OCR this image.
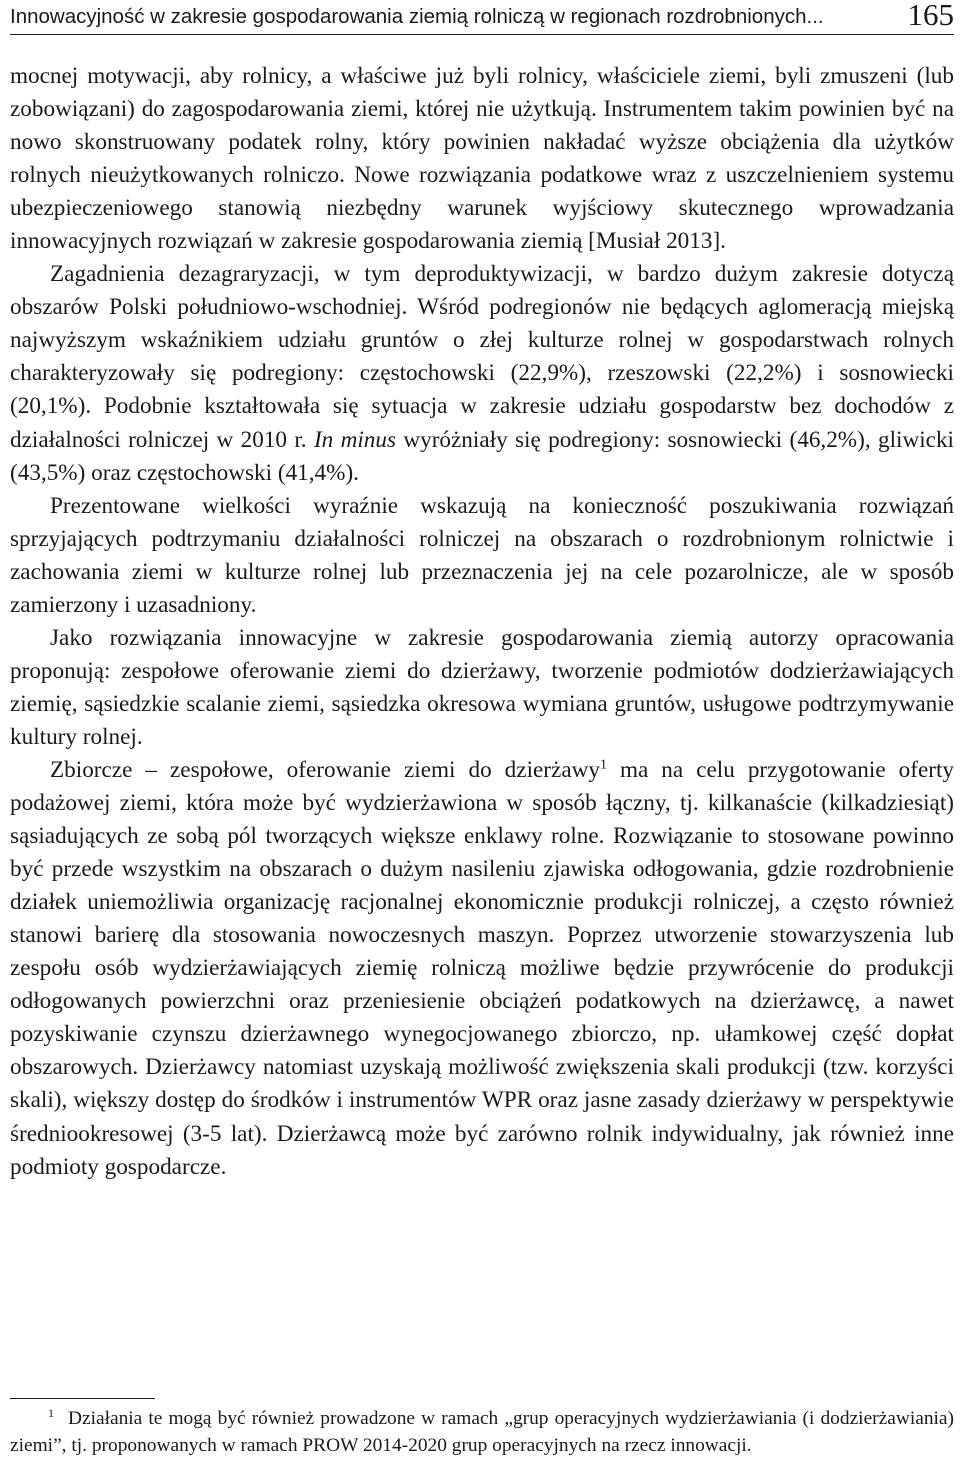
Innowacyjność w zakresie gospodarowania ziemią rolniczą w regionach rozdrobnionych...	165

mocnej motywacji, aby rolnicy, a właściwe już byli rolnicy, właściciele ziemi, byli zmuszeni (lub zobowiązani) do zagospodarowania ziemi, której nie użytkują. Instrumentem takim powinien być na nowo skonstruowany podatek rolny, który powinien nakładać wyższe obciążenia dla użytków rolnych nieużytkowanych rolniczo. Nowe rozwiązania podatkowe wraz z uszczelnieniem systemu ubezpieczeniowego stanowią niezbędny warunek wyjściowy skutecznego wprowadzania innowacyjnych rozwiązań w zakresie gospodarowania ziemią [Musiał 2013].

Zagadnienia dezagraryzacji, w tym deproduktywizacji, w bardzo dużym zakresie dotyczą obszarów Polski południowo-wschodniej. Wśród podregionów nie będących aglomeracją miejską najwyższym wskaźnikiem udziału gruntów o złej kulturze rolnej w gospodarstwach rolnych charakteryzowały się podregiony: częstochowski (22,9%), rzeszowski (22,2%) i sosnowiecki (20,1%). Podobnie kształtowała się sytuacja w zakresie udziału gospodarstw bez dochodów z działalności rolniczej w 2010 r. In minus wyróżniały się podregiony: sosnowiecki (46,2%), gliwicki (43,5%) oraz częstochowski (41,4%).

Prezentowane wielkości wyraźnie wskazują na konieczność poszukiwania rozwiązań sprzyjających podtrzymaniu działalności rolniczej na obszarach o rozdrobnionym rolnictwie i zachowania ziemi w kulturze rolnej lub przeznaczenia jej na cele pozarolnicze, ale w sposób zamierzony i uzasadniony.

Jako rozwiązania innowacyjne w zakresie gospodarowania ziemią autorzy opracowania proponują: zespołowe oferowanie ziemi do dzierżawy, tworzenie podmiotów dodzierżawiających ziemię, sąsiedzkie scalanie ziemi, sąsiedzka okresowa wymiana gruntów, usługowe podtrzymywanie kultury rolnej.

Zbiorcze – zespołowe, oferowanie ziemi do dzierżawy$^1$ ma na celu przygotowanie oferty podażowej ziemi, która może być wydzierżawiona w sposób łączny, tj. kilkanaście (kilkadziesiąt) sąsiadujących ze sobą pól tworzących większe enklawy rolne. Rozwiązanie to stosowane powinno być przede wszystkim na obszarach o dużym nasileniu zjawiska odłogowania, gdzie rozdrobnienie działek uniemożliwia organizację racjonalnej ekonomicznie produkcji rolniczej, a często również stanowi barierę dla stosowania nowoczesnych maszyn. Poprzez utworzenie stowarzyszenia lub zespołu osób wydzierżawiających ziemię rolniczą możliwe będzie przywrócenie do produkcji odłogowanych powierzchni oraz przeniesienie obciążeń podatkowych na dzierżawcę, a nawet pozyskiwanie czynszu dzierżawnego wynegocjowanego zbiorczo, np. ułamkowej część dopłat obszarowych. Dzierżawcy natomiast uzyskają możliwość zwiększenia skali produkcji (tzw. korzyści skali), większy dostęp do środków i instrumentów WPR oraz jasne zasady dzierżawy w perspektywie średniookresowej (3-5 lat). Dzierżawcą może być zarówno rolnik indywidualny, jak również inne podmioty gospodarcze.

$^1$ Działania te mogą być również prowadzone w ramach „grup operacyjnych wydzierżawiania (i dodzierżawiania) ziemi”, tj. proponowanych w ramach PROW 2014-2020 grup operacyjnych na rzecz innowacji.
